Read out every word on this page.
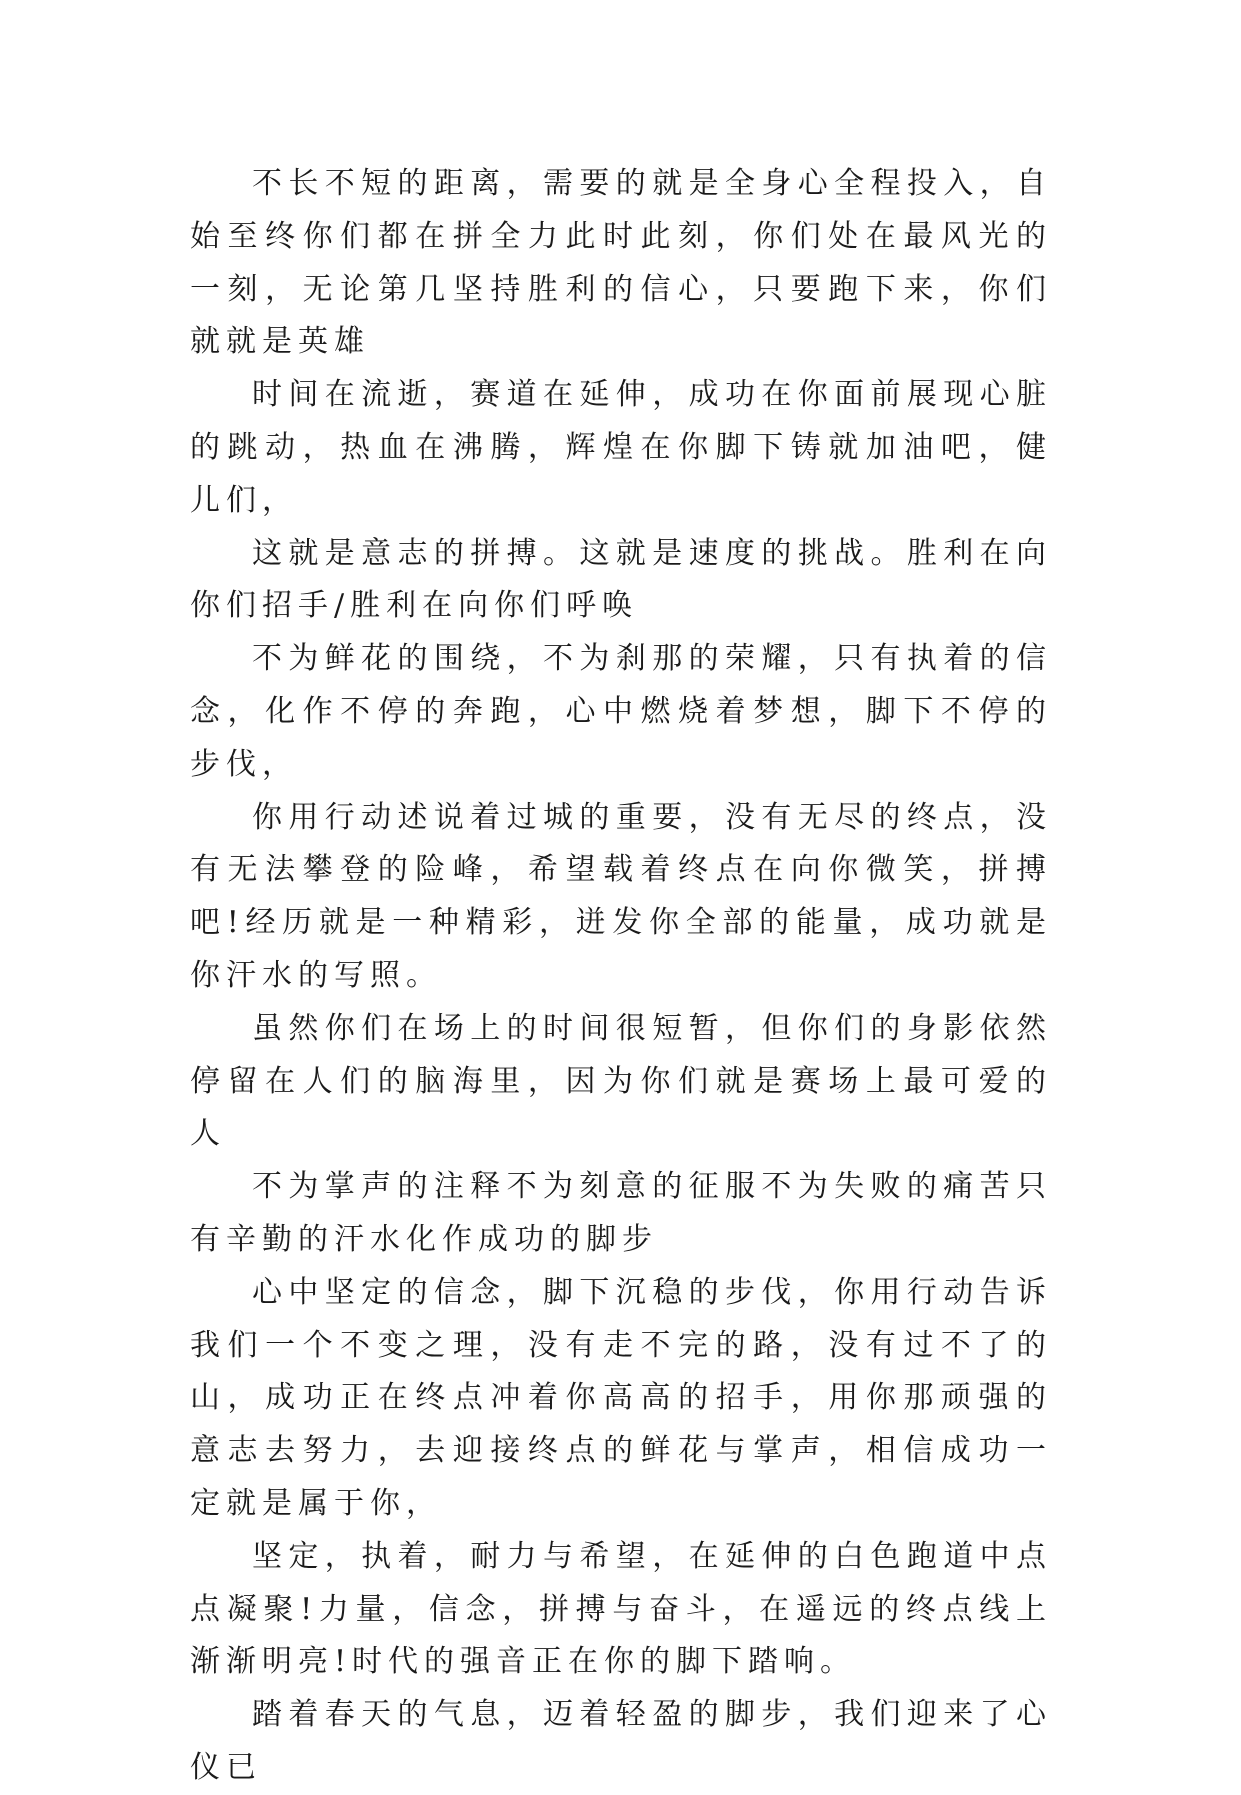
不长不短的距离，需要的就是全身心全程投入，自始至终你们都在拼全力此时此刻，你们处在最风光的一刻，无论第几坚持胜利的信心，只要跑下来，你们就就是英雄

时间在流逝，赛道在延伸，成功在你面前展现心脏的跳动，热血在沸腾，辉煌在你脚下铸就加油吧，健儿们，

这就是意志的拼搏。这就是速度的挑战。胜利在向你们招手/胜利在向你们呼唤

不为鲜花的围绕，不为刹那的荣耀，只有执着的信念，化作不停的奔跑，心中燃烧着梦想，脚下不停的步伐，

你用行动述说着过城的重要，没有无尽的终点，没有无法攀登的险峰，希望载着终点在向你微笑，拼搏吧!经历就是一种精彩，迸发你全部的能量，成功就是你汗水的写照。

虽然你们在场上的时间很短暂，但你们的身影依然停留在人们的脑海里，因为你们就是赛场上最可爱的人

不为掌声的注释不为刻意的征服不为失败的痛苦只有辛勤的汗水化作成功的脚步

心中坚定的信念，脚下沉稳的步伐，你用行动告诉我们一个不变之理，没有走不完的路，没有过不了的山，成功正在终点冲着你高高的招手，用你那顽强的意志去努力，去迎接终点的鲜花与掌声，相信成功一定就是属于你，

坚定，执着，耐力与希望，在延伸的白色跑道中点点凝聚!力量，信念，拼搏与奋斗，在遥远的终点线上渐渐明亮!时代的强音正在你的脚下踏响。

踏着春天的气息，迈着轻盈的脚步，我们迎来了心仪已
